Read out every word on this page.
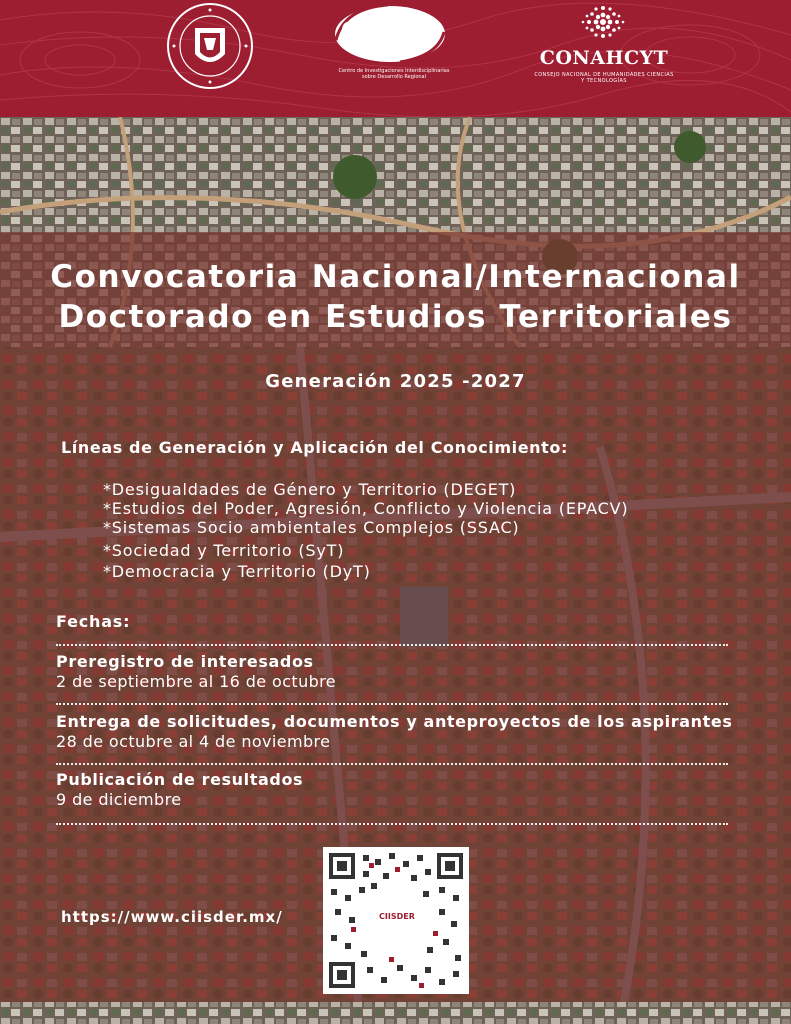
CIISDER
Centro de Investigaciones Interdisciplinarias sobre Desarrollo Regional
CONAHCYT
CONSEJO NACIONAL DE HUMANIDADES CIENCIAS Y TECNOLOGÍAS
Convocatoria Nacional/Internacional
Doctorado en Estudios Territoriales
Generación 2025 -2027
Líneas de Generación y Aplicación del Conocimiento:
*Desigualdades de Género y Territorio (DEGET)
*Estudios del Poder, Agresión, Conflicto y Violencia (EPACV)
*Sistemas Socio ambientales Complejos (SSAC)
*Sociedad y Territorio (SyT)
*Democracia y Territorio (DyT)
Fechas:
Preregistro de interesados
2 de septiembre al 16 de octubre
Entrega de solicitudes, documentos y anteproyectos de los aspirantes
28 de octubre al 4 de noviembre
Publicación de resultados
9 de diciembre
https://www.ciisder.mx/	CIISDER
